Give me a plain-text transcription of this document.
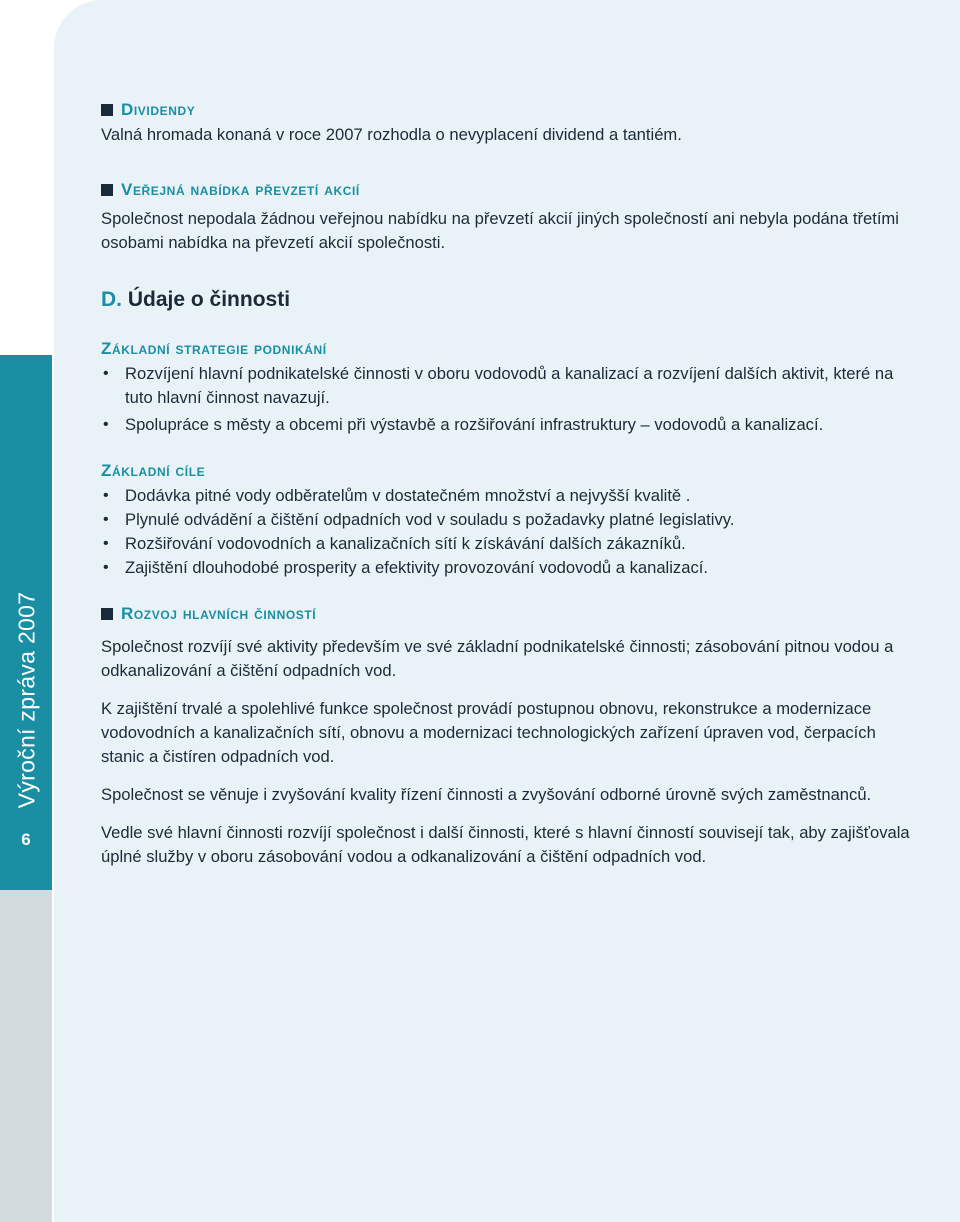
Výroční zpráva 2007
6
Dividendy

Valná hromada konaná v roce 2007 rozhodla o nevyplacení dividend a tantiém.

Veřejná nabídka převzetí akcií

Společnost nepodala žádnou veřejnou nabídku na převzetí akcií jiných společností ani nebyla podána třetími osobami nabídka na převzetí akcií společnosti.

D. Údaje o činnosti
Základní strategie podnikání
• Rozvíjení hlavní podnikatelské činnosti v oboru vodovodů a kanalizací a rozvíjení dalších aktivit, které na tuto hlavní činnost navazují.
• Spolupráce s městy a obcemi při výstavbě a rozšiřování infrastruktury – vodovodů a kanalizací.
Základní cíle
• Dodávka pitné vody odběratelům v dostatečném množství a nejvyšší kvalitě .
• Plynulé odvádění a čištění odpadních vod v souladu s požadavky platné legislativy.
• Rozšiřování vodovodních a kanalizačních sítí k získávání dalších zákazníků.
• Zajištění dlouhodobé prosperity a efektivity provozování vodovodů a kanalizací.
Rozvoj hlavních činností

Společnost rozvíjí své aktivity především ve své základní podnikatelské činnosti; zásobování pitnou vodou a odkanalizování a čištění odpadních vod.

K zajištění trvalé a spolehlivé funkce společnost provádí postupnou obnovu, rekonstrukce a modernizace vodovodních a kanalizačních sítí, obnovu a modernizaci technologických zařízení úpraven vod, čerpacích stanic a čistíren odpadních vod.

Společnost se věnuje i zvyšování kvality řízení činnosti a zvyšování odborné úrovně svých zaměstnanců.

Vedle své hlavní činnosti rozvíjí společnost i další činnosti, které s hlavní činností souvisejí tak, aby zajišťovala úplné služby v oboru zásobování vodou a odkanalizování a čištění odpadních vod.
